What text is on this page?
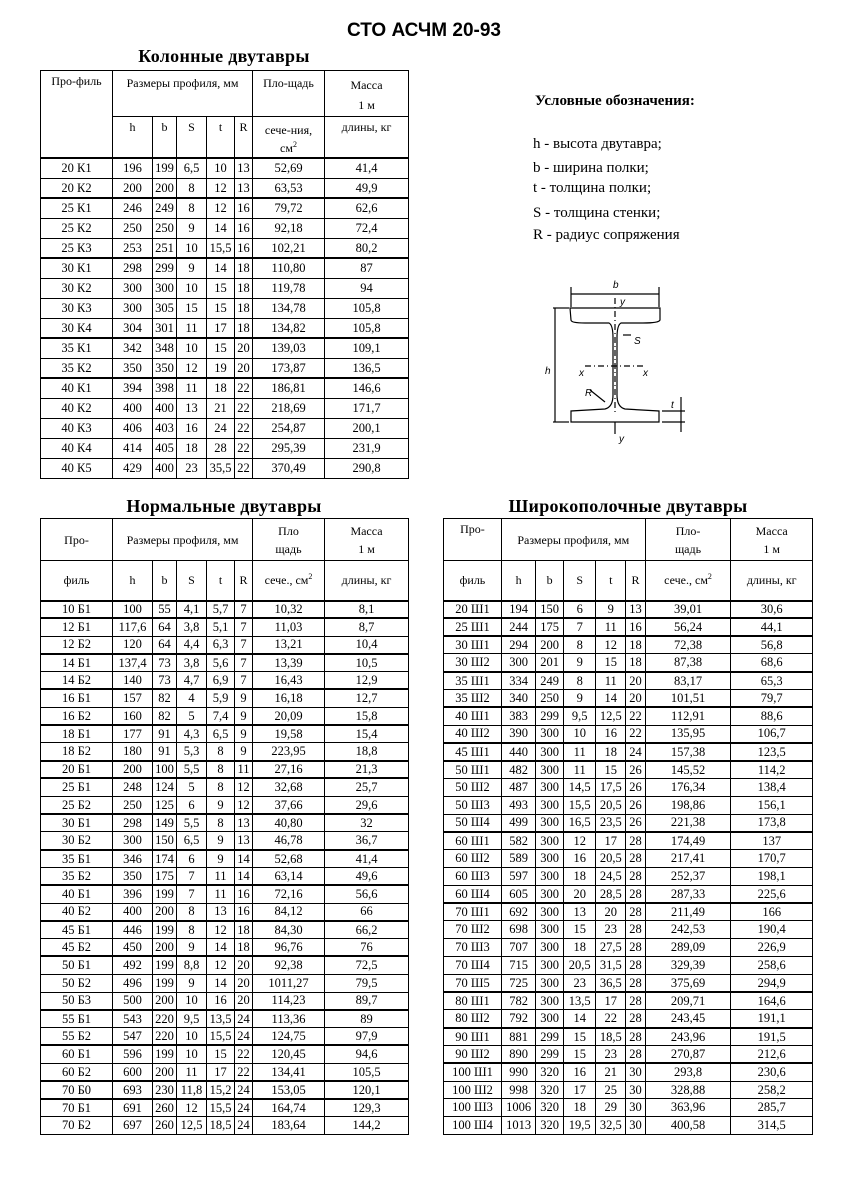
СТО АСЧМ 20-93
Колонные двутавры
Про-филь	Размеры профиля, мм					Пло-щадь	Масса
1 м
	h	b	S	t	R	сече-ния,
$см^2$	длины, кг
20 К1	196	199	6,5	10	13	52,69	41,4
20 К2	200	200	8	12	13	63,53	49,9
25 К1	246	249	8	12	16	79,72	62,6
25 К2	250	250	9	14	16	92,18	72,4
25 К3	253	251	10	15,5	16	102,21	80,2
30 К1	298	299	9	14	18	110,80	87
30 К2	300	300	10	15	18	119,78	94
30 К3	300	305	15	15	18	134,78	105,8
30 К4	304	301	11	17	18	134,82	105,8
35 К1	342	348	10	15	20	139,03	109,1
35 К2	350	350	12	19	20	173,87	136,5
40 К1	394	398	11	18	22	186,81	146,6
40 К2	400	400	13	21	22	218,69	171,7
40 К3	406	403	16	24	22	254,87	200,1
40 К4	414	405	18	28	22	295,39	231,9
40 К5	429	400	23	35,5	22	370,49	290,8
Условные обозначения:
h - высота двутавра;
b - ширина полки;
t - толщина полки;
S - толщина стенки;
R - радиус сопряжения
b
y
S
h	x	x
R
t
y
Нормальные двутавры
Про-	Размеры профиля, мм					Пло
щадь	Масса
1 м
филь	h	b	S	t	R	сече., $см^2$	длины, кг
10 Б1	100	55	4,1	5,7	7	10,32	8,1
12 Б1	117,6	64	3,8	5,1	7	11,03	8,7
12 Б2	120	64	4,4	6,3	7	13,21	10,4
14 Б1	137,4	73	3,8	5,6	7	13,39	10,5
14 Б2	140	73	4,7	6,9	7	16,43	12,9
16 Б1	157	82	4	5,9	9	16,18	12,7
16 Б2	160	82	5	7,4	9	20,09	15,8
18 Б1	177	91	4,3	6,5	9	19,58	15,4
18 Б2	180	91	5,3	8	9	223,95	18,8
20 Б1	200	100	5,5	8	11	27,16	21,3
25 Б1	248	124	5	8	12	32,68	25,7
25 Б2	250	125	6	9	12	37,66	29,6
30 Б1	298	149	5,5	8	13	40,80	32
30 Б2	300	150	6,5	9	13	46,78	36,7
35 Б1	346	174	6	9	14	52,68	41,4
35 Б2	350	175	7	11	14	63,14	49,6
40 Б1	396	199	7	11	16	72,16	56,6
40 Б2	400	200	8	13	16	84,12	66
45 Б1	446	199	8	12	18	84,30	66,2
45 Б2	450	200	9	14	18	96,76	76
50 Б1	492	199	8,8	12	20	92,38	72,5
50 Б2	496	199	9	14	20	1011,27	79,5
50 Б3	500	200	10	16	20	114,23	89,7
55 Б1	543	220	9,5	13,5	24	113,36	89
55 Б2	547	220	10	15,5	24	124,75	97,9
60 Б1	596	199	10	15	22	120,45	94,6
60 Б2	600	200	11	17	22	134,41	105,5
70 Б0	693	230	11,8	15,2	24	153,05	120,1
70 Б1	691	260	12	15,5	24	164,74	129,3
70 Б2	697	260	12,5	18,5	24	183,64	144,2
Широкополочные двутавры
Про-	Размеры профиля, мм					Пло-
щадь	Масса
1 м
филь	h	b	S	t	R	сече., $см^2$	длины, кг
20 Ш1	194	150	6	9	13	39,01	30,6
25 Ш1	244	175	7	11	16	56,24	44,1
30 Ш1	294	200	8	12	18	72,38	56,8
30 Ш2	300	201	9	15	18	87,38	68,6
35 Ш1	334	249	8	11	20	83,17	65,3
35 Ш2	340	250	9	14	20	101,51	79,7
40 Ш1	383	299	9,5	12,5	22	112,91	88,6
40 Ш2	390	300	10	16	22	135,95	106,7
45 Ш1	440	300	11	18	24	157,38	123,5
50 Ш1	482	300	11	15	26	145,52	114,2
50 Ш2	487	300	14,5	17,5	26	176,34	138,4
50 Ш3	493	300	15,5	20,5	26	198,86	156,1
50 Ш4	499	300	16,5	23,5	26	221,38	173,8
60 Ш1	582	300	12	17	28	174,49	137
60 Ш2	589	300	16	20,5	28	217,41	170,7
60 Ш3	597	300	18	24,5	28	252,37	198,1
60 Ш4	605	300	20	28,5	28	287,33	225,6
70 Ш1	692	300	13	20	28	211,49	166
70 Ш2	698	300	15	23	28	242,53	190,4
70 Ш3	707	300	18	27,5	28	289,09	226,9
70 Ш4	715	300	20,5	31,5	28	329,39	258,6
70 Ш5	725	300	23	36,5	28	375,69	294,9
80 Ш1	782	300	13,5	17	28	209,71	164,6
80 Ш2	792	300	14	22	28	243,45	191,1
90 Ш1	881	299	15	18,5	28	243,96	191,5
90 Ш2	890	299	15	23	28	270,87	212,6
100 Ш1	990	320	16	21	30	293,8	230,6
100 Ш2	998	320	17	25	30	328,88	258,2
100 Ш3	1006	320	18	29	30	363,96	285,7
100 Ш4	1013	320	19,5	32,5	30	400,58	314,5
